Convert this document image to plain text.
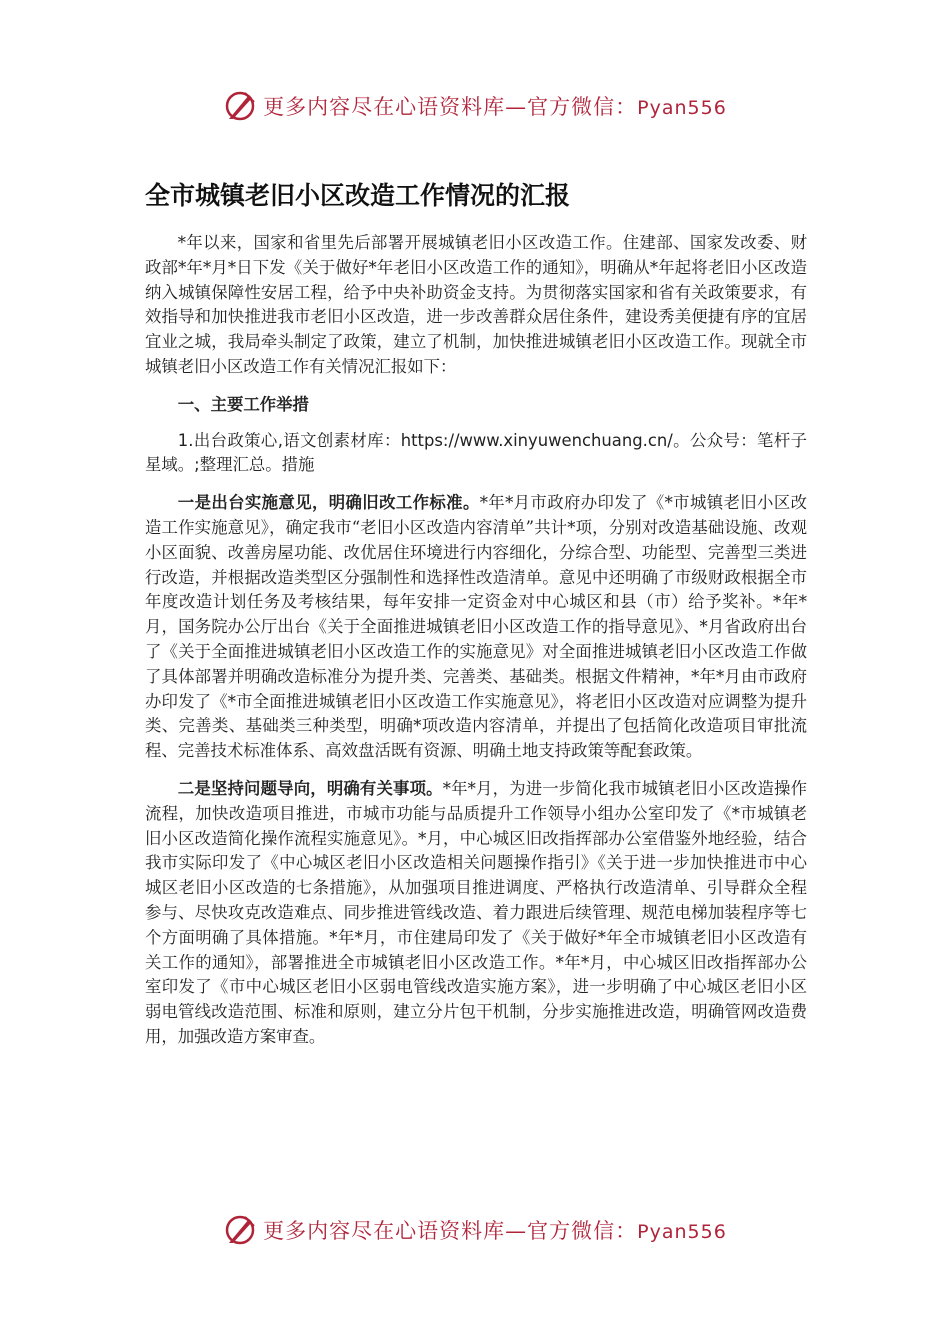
更多内容尽在心语资料库—官方微信：Pyan556
全市城镇老旧小区改造工作情况的汇报

*年以来，国家和省里先后部署开展城镇老旧小区改造工作。住建部、国家发改委、财政部*年*月*日下发《关于做好*年老旧小区改造工作的通知》，明确从*年起将老旧小区改造纳入城镇保障性安居工程，给予中央补助资金支持。为贯彻落实国家和省有关政策要求，有效指导和加快推进我市老旧小区改造，进一步改善群众居住条件，建设秀美便捷有序的宜居宜业之城，我局牵头制定了政策，建立了机制，加快推进城镇老旧小区改造工作。现就全市城镇老旧小区改造工作有关情况汇报如下：

一、主要工作举措

1.出台政策心,语文创素材库：https://www.xinyuwenchuang.cn/。公众号：笔杆子星域。;整理汇总。措施

一是出台实施意见，明确旧改工作标准。*年*月市政府办印发了《*市城镇老旧小区改造工作实施意见》，确定我市“老旧小区改造内容清单”共计*项，分别对改造基础设施、改观小区面貌、改善房屋功能、改优居住环境进行内容细化，分综合型、功能型、完善型三类进行改造，并根据改造类型区分强制性和选择性改造清单。意见中还明确了市级财政根据全市年度改造计划任务及考核结果，每年安排一定资金对中心城区和县（市）给予奖补。*年*月，国务院办公厅出台《关于全面推进城镇老旧小区改造工作的指导意见》、*月省政府出台了《关于全面推进城镇老旧小区改造工作的实施意见》对全面推进城镇老旧小区改造工作做了具体部署并明确改造标准分为提升类、完善类、基础类。根据文件精神，*年*月由市政府办印发了《*市全面推进城镇老旧小区改造工作实施意见》，将老旧小区改造对应调整为提升类、完善类、基础类三种类型，明确*项改造内容清单，并提出了包括简化改造项目审批流程、完善技术标准体系、高效盘活既有资源、明确土地支持政策等配套政策。

二是坚持问题导向，明确有关事项。*年*月，为进一步简化我市城镇老旧小区改造操作流程，加快改造项目推进，市城市功能与品质提升工作领导小组办公室印发了《*市城镇老旧小区改造简化操作流程实施意见》。*月，中心城区旧改指挥部办公室借鉴外地经验，结合我市实际印发了《中心城区老旧小区改造相关问题操作指引》《关于进一步加快推进市中心城区老旧小区改造的七条措施》，从加强项目推进调度、严格执行改造清单、引导群众全程参与、尽快攻克改造难点、同步推进管线改造、着力跟进后续管理、规范电梯加装程序等七个方面明确了具体措施。*年*月，市住建局印发了《关于做好*年全市城镇老旧小区改造有关工作的通知》，部署推进全市城镇老旧小区改造工作。*年*月，中心城区旧改指挥部办公室印发了《市中心城区老旧小区弱电管线改造实施方案》，进一步明确了中心城区老旧小区弱电管线改造范围、标准和原则，建立分片包干机制，分步实施推进改造，明确管网改造费用，加强改造方案审查。

更多内容尽在心语资料库—官方微信：Pyan556
